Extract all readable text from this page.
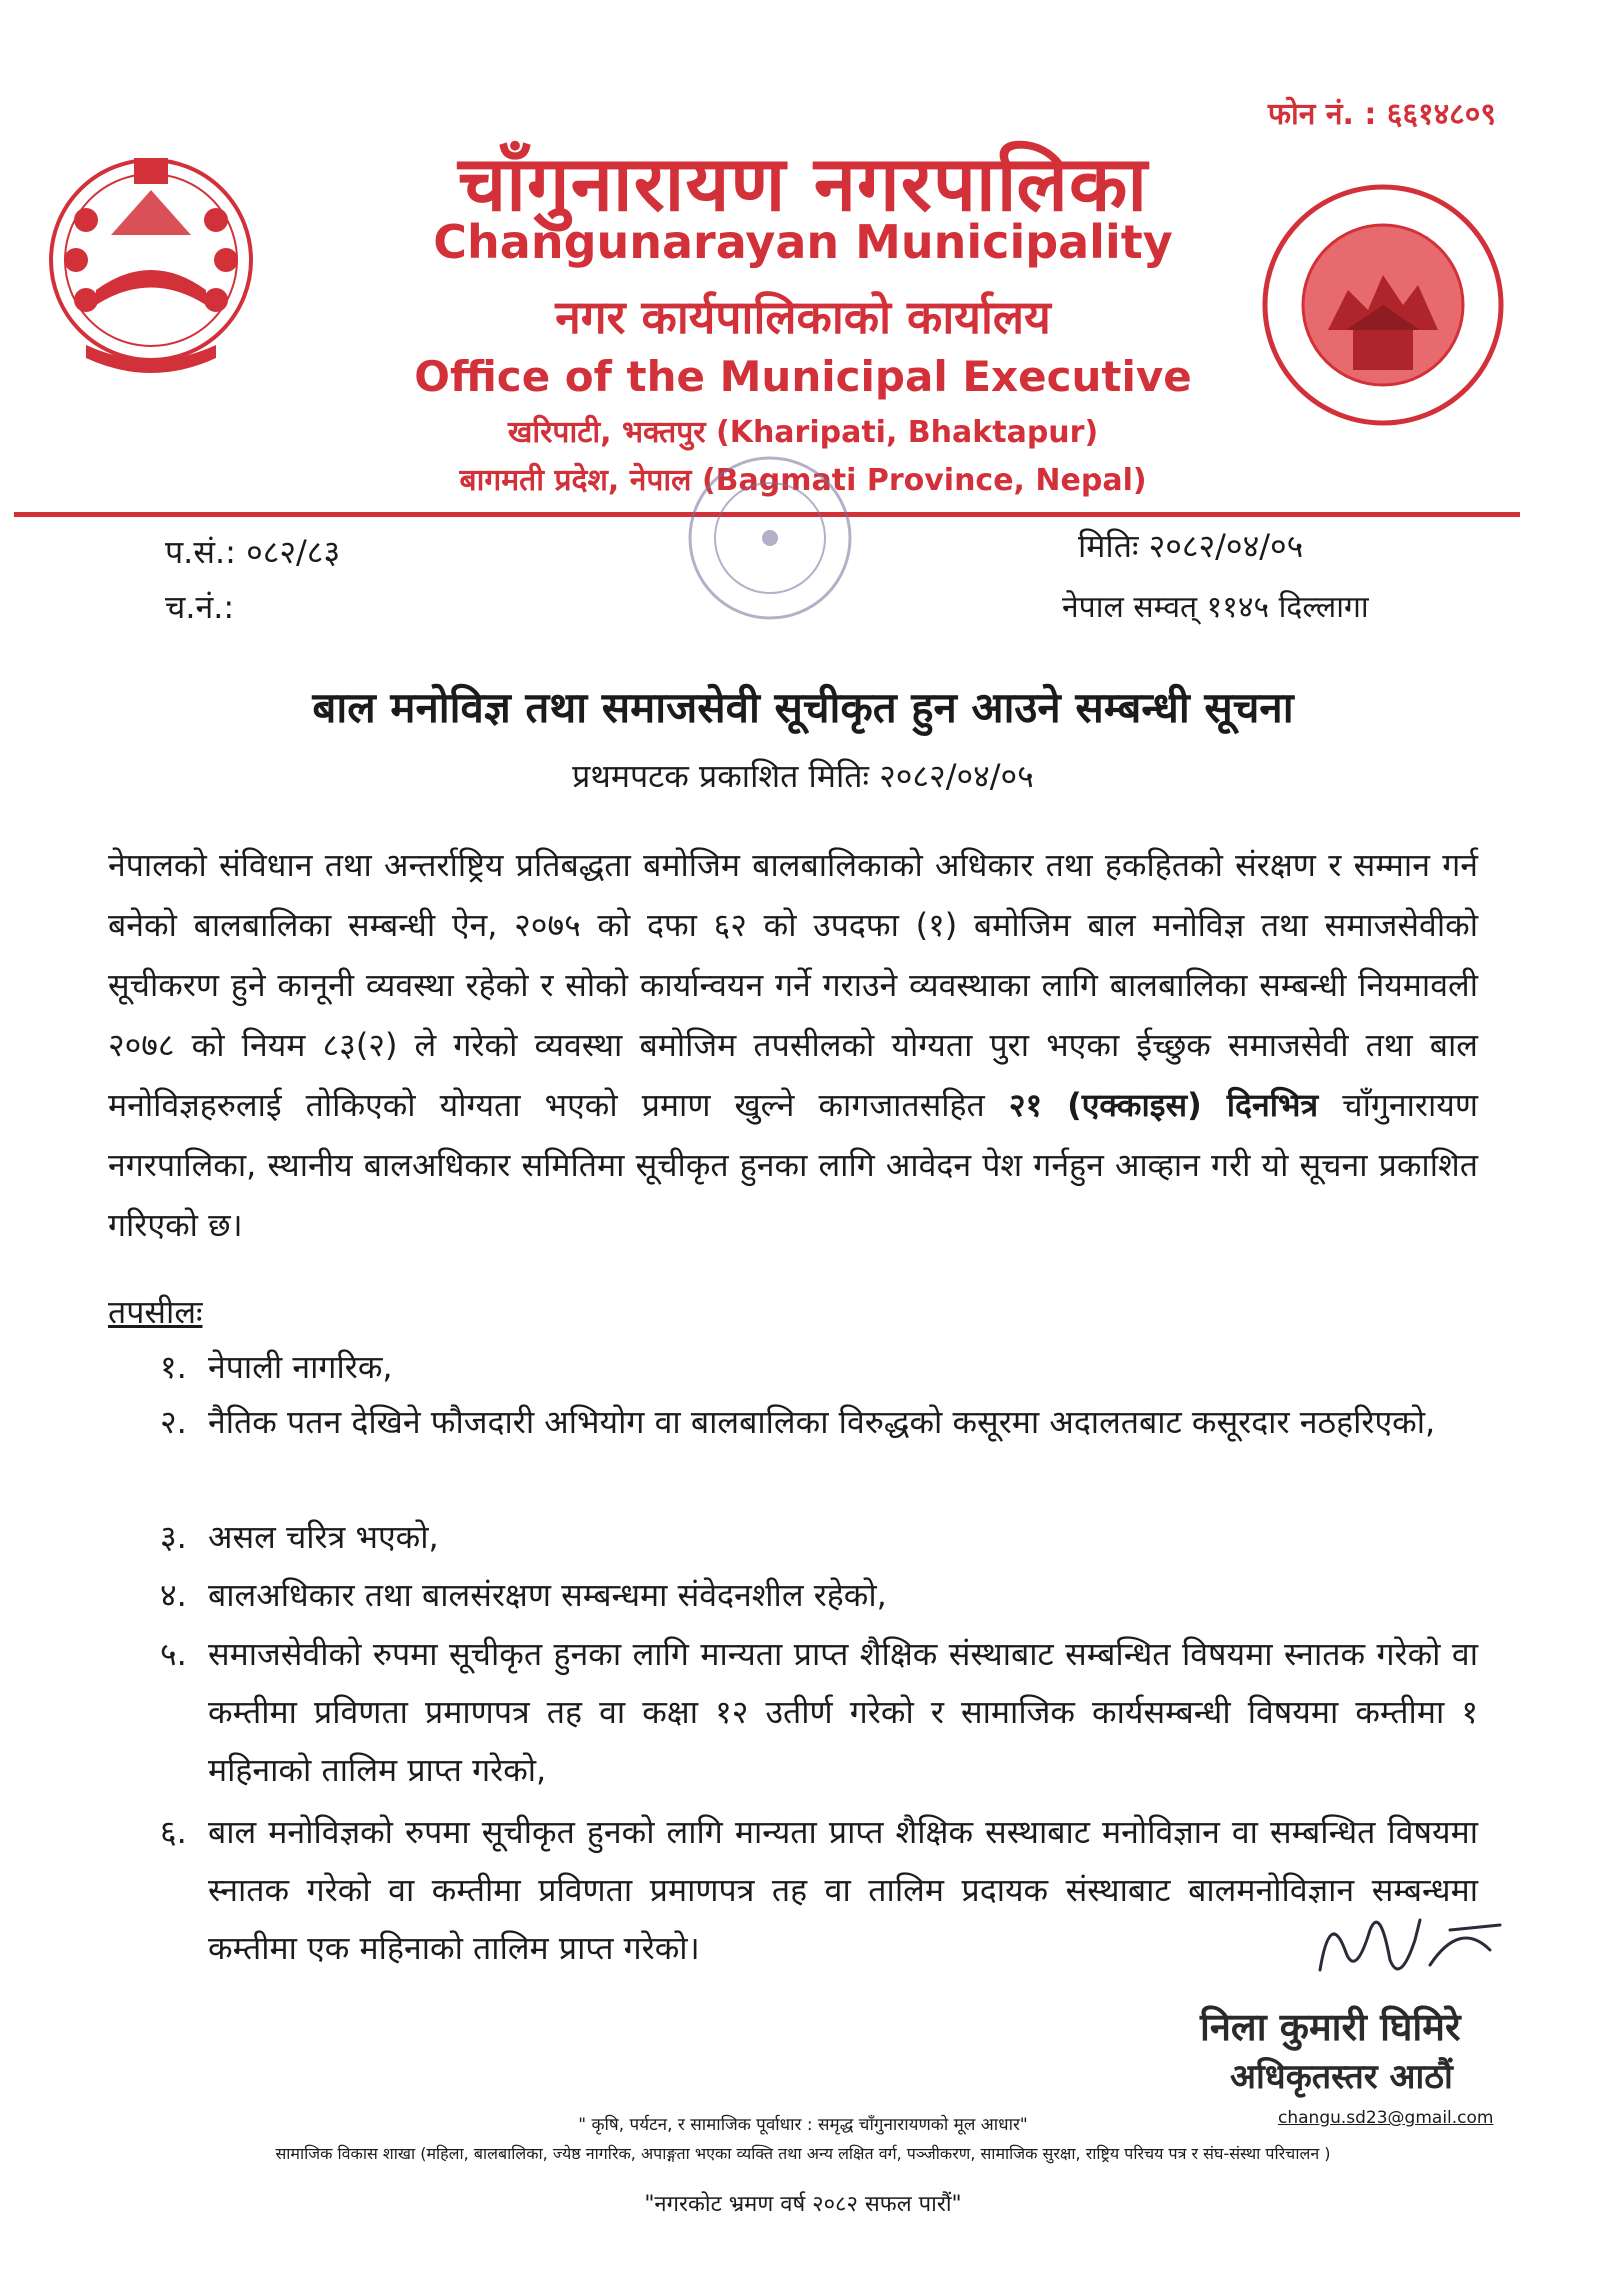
फोन नं. : ६६१४८०९
चाँगुनारायण नगरपालिका
Changunarayan Municipality
नगर कार्यपालिकाको कार्यालय
Office of the Municipal Executive
खरिपाटी, भक्तपुर (Kharipati, Bhaktapur)
बागमती प्रदेश, नेपाल (Bagmati Province, Nepal)
प.सं.: ०८२/८३
च.नं.:
मितिः २०८२/०४/०५
नेपाल सम्वत् ११४५ दिल्लागा
बाल मनोविज्ञ तथा समाजसेवी सूचीकृत हुन आउने सम्बन्धी सूचना
प्रथमपटक प्रकाशित मितिः २०८२/०४/०५
नेपालको संविधान तथा अन्तर्राष्ट्रिय प्रतिबद्धता बमोजिम बालबालिकाको अधिकार तथा हकहितको संरक्षण र सम्मान गर्न बनेको बालबालिका सम्बन्धी ऐन, २०७५ को दफा ६२ को उपदफा (१) बमोजिम बाल मनोविज्ञ तथा समाजसेवीको सूचीकरण हुने कानूनी व्यवस्था रहेको र सोको कार्यान्वयन गर्ने गराउने व्यवस्थाका लागि बालबालिका सम्बन्धी नियमावली २०७८ को नियम ८३(२) ले गरेको व्यवस्था बमोजिम तपसीलको योग्यता पुरा भएका ईच्छुक समाजसेवी तथा बाल मनोविज्ञहरुलाई तोकिएको योग्यता भएको प्रमाण खुल्ने कागजातसहित २१ (एक्काइस) दिनभित्र चाँगुनारायण नगरपालिका, स्थानीय बालअधिकार समितिमा सूचीकृत हुनका लागि आवेदन पेश गर्नहुन आव्हान गरी यो सूचना प्रकाशित गरिएको छ।
तपसीलः
१. नेपाली नागरिक,
२. नैतिक पतन देखिने फौजदारी अभियोग वा बालबालिका विरुद्धको कसूरमा अदालतबाट कसूरदार नठहरिएको,
३. असल चरित्र भएको,
४. बालअधिकार तथा बालसंरक्षण सम्बन्धमा संवेदनशील रहेको,
५. समाजसेवीको रुपमा सूचीकृत हुनका लागि मान्यता प्राप्त शैक्षिक संस्थाबाट सम्बन्धित विषयमा स्नातक गरेको वा कम्तीमा प्रविणता प्रमाणपत्र तह वा कक्षा १२ उतीर्ण गरेको र सामाजिक कार्यसम्बन्धी विषयमा कम्तीमा १ महिनाको तालिम प्राप्त गरेको,
६. बाल मनोविज्ञको रुपमा सूचीकृत हुनको लागि मान्यता प्राप्त शैक्षिक सस्थाबाट मनोविज्ञान वा सम्बन्धित विषयमा स्नातक गरेको वा कम्तीमा प्रविणता प्रमाणपत्र तह वा तालिम प्रदायक संस्थाबाट बालमनोविज्ञान सम्बन्धमा कम्तीमा एक महिनाको तालिम प्राप्त गरेको।
निला कुमारी घिमिरे
अधिकृतस्तर आठौं
" कृषि, पर्यटन, र सामाजिक पूर्वाधार : समृद्ध चाँगुनारायणको मूल आधार"	changu.sd23@gmail.com
सामाजिक विकास शाखा (महिला, बालबालिका, ज्येष्ठ नागरिक, अपाङ्गता भएका व्यक्ति तथा अन्य लक्षित वर्ग, पञ्जीकरण, सामाजिक सुरक्षा, राष्ट्रिय परिचय पत्र र संघ-संस्था परिचालन )
"नगरकोट भ्रमण वर्ष २०८२ सफल पारौं"
